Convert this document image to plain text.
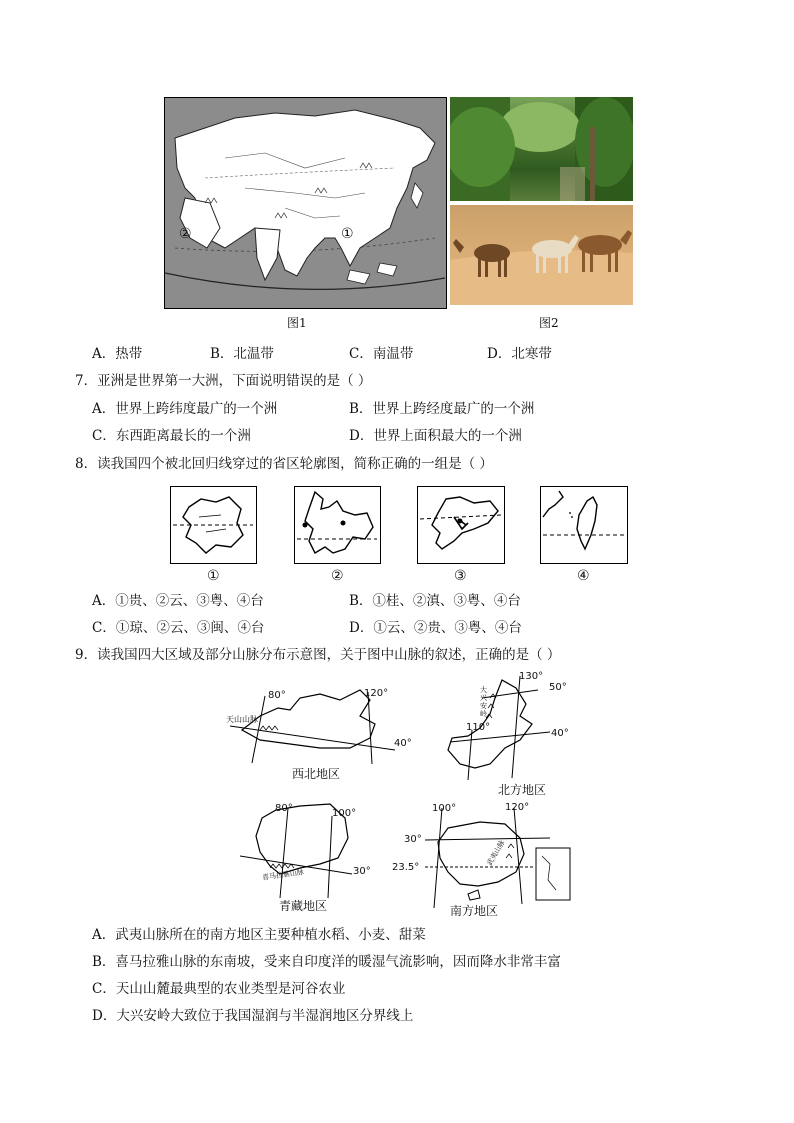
①
②
图1	图2
A．热带	B．北温带	C．南温带	D．北寒带
7．亚洲是世界第一大洲，下面说明错误的是（ ）
A．世界上跨纬度最广的一个洲	B．世界上跨经度最广的一个洲
C．东西距离最长的一个洲	D．世界上面积最大的一个洲
8．读我国四个被北回归线穿过的省区轮廓图，简称正确的一组是（ ）
①	②	③	④
A．①贵、②云、③粤、④台	B．①桂、②滇、③粤、④台
C．①琼、②云、③闽、④台	D．①云、②贵、③粤、④台
9．读我国四大区域及部分山脉分布示意图，关于图中山脉的叙述，正确的是（ ）
80°	120°
40°
天山山脉
西北地区
130°
50°
110°
40°
大兴安岭
北方地区
80°	100°
30°
喜马拉雅山脉
青藏地区
100°	120°
30°
23.5°
武夷山脉
南方地区
A．武夷山脉所在的南方地区主要种植水稻、小麦、甜菜
B．喜马拉雅山脉的东南坡，受来自印度洋的暖湿气流影响，因而降水非常丰富
C．天山山麓最典型的农业类型是河谷农业
D．大兴安岭大致位于我国湿润与半湿润地区分界线上
